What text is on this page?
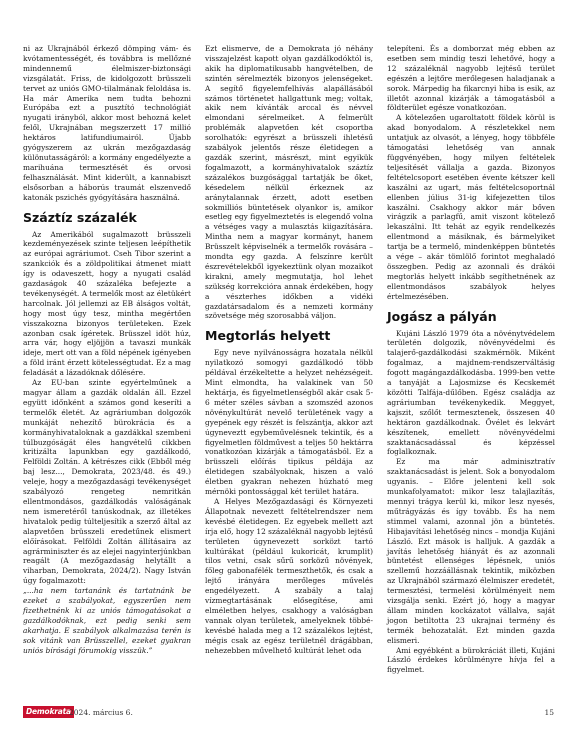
ni az Ukrajnából érkező dömping vám- és kvótamentességét, és továbbra is mellőzné mindennemű élelmiszer-biztonsági vizsgálatát. Friss, de kidolgozott brüsszeli tervet az uniós GMO-tilalmának feloldása is. Ha már Amerika nem tudta behozni Európába ezt a pusztító technológiát nyugati irányból, akkor most behozná kelet felől, Ukrajnában megszerzett 17 millió hektáros latifundiumairól. Újabb gyógyszerem az ukrán mezőgazdaság különutasságáról: a kormány engedélyezte a marihuána termesztését és orvosi felhasználását. Mint kiderült, a kannabiszt elsősorban a háborús traumát elszenvedő katonák pszichés gyógyítására használná.

Száztíz százalék

Az Amerikából sugalmazott brüsszeli kezdeményezések szinte teljesen leépíthetik az európai agráriumot. Cseh Tibor szerint a szankciók és a zöldpolitikai átmenet miatt így is odaveszett, hogy a nyugati család gazdaságok 40 százaléka befejezte a tevékenységét. A termelők most az életükért harcolnak. Jól jellemzi az EB álságos voltát, hogy most úgy tesz, mintha megértően visszakozna bizonyos területeken. Ezek azonban csak ígéretek. Brüsszel idöt húz, arra vár, hogy eljöjjön a tavaszi munkák ideje, mert ott van a föld népének igényeben a föld iránt érzett kötelességtudat. Ez a mag feladását a lázadóknak dőlésére.

Az EU-ban szinte egyértelműnek a magyar állam a gazdák oldalán áll. Ezzel együtt időnként a számos gond keseríti a termelők életét. Az agráriumban dolgozók munkáját nehezítő bürokrácia és a kormányhivataloknak a gazdákkal szembeni túlbuzgóságát éles hangvételű cikkben kritizálta lapunkban egy gazdálkodó, Felföldi Zoltán. A kétrészes cikk (Ebből még baj lesz..., Demokrata, 2023/48. és 49.) veleje, hogy a mezőgazdasági tevékenységet szabályozó rengeteg nemritkán ellentmondásos, gazdálkodás valóságának nem ismeretéről tanúskodnak, az illetékes hivatalok pedig túlteljesítik a szerző által az alapvetően brüsszeli eredetűnek elismert előírásokat. Felföldi Zoltán állításaira az agrárminiszter és az elejei nagyinterjúnkban reagált (A mezőgazdaság helytállt a viharban, Demokrata, 2024/2). Nagy István úgy fogalmazott:

„...ha nem tartanánk és tartatnánk be ezeket a szabályokat, egyszerűen nem fizethetnénk ki az uniós támogatásokat a gazdálkodóknak, ezt pedig senki sem akarhatja. E szabályok alkalmazása terén is sok vitánk van Brüsszellel, ezeket gyakran uniós bírósági fórumokig visszük.”

Ezt elismerve, de a Demokrata jó néhány visszajelzést kapott olyan gazdálkodóktól is, akik ha diplomatikusabb hangvételben, de szintén sérelmezték bizonyos jelenségeket. A segítő figyelemfelhívás alapállásából számos történetet hallgattunk meg; voltak, akik nem kívánták arccal és névvel elmondani sérelmeiket. A felmerült problémák alapvetően két csoportba sorolhatók: egyrészt a brüsszeli ihletésű szabályok jelentős része életidegen a gazdák szerint, másrészt, mint egyikük fogalmazott, a kormányhivatalok száztíz százalékos buzgósággal tartatják be őket, késedelem nélkül érkeznek az aránytalannak érzett, adott esetben sokmilliós büntetések olyankor is, amikor esetleg egy figyelmeztetés is elegendő volna a vétséges vagy a mulasztás kiigazítására. Mintha nem a magyar kormányt, hanem Brüsszelt képviselnék a termelők rovására – mondta egy gazda. A felszínre került észrevételekből igyekeztünk olyan mozaikot kirakni, amely megmutatja, hol lehet szükség korrekcióra annak érdekében, hogy a vészterhes időkben a vidéki gazdatársadalom és a nemzeti kormány szövetsége még szorosabbá váljon.

Megtorlás helyett

Egy neve nyilvánosságra hozatala nélkül nyilatkozó somogyi gazdálkodó több példával érzékeltette a helyzet nehézségeit. Mint elmondta, ha valakinek van 50 hektárja, és figyelmetlenségből akár csak 5-6 méter széles sávban a szomszéd azonos növénykultúrát nevelő területének vagy a gyepének egy részét is felszántja, akkor azt úgyneveztt egybeművelésnek tekintik, és a figyelmetlen földművest a teljes 50 hektárra vonatkozóan kizárják a támogatásból. Ez a brüsszeli előírás tipikus példája az életidegen szabályoknak, hiszen a való életben gyakran nehezen húzható meg mérnöki pontossággal két terület határa.

A Helyes Mezőgazdasági és Környezeti Állapotnak nevezett feltételrendszer nem kevésbé életidegen. Ez egyebek mellett azt írja elő, hogy 12 százaléknál nagyobb lejtésű területen úgynevezett sorközt tartó kultúrákat (például kukoricát, krumplit) tilos vetni, csak sűrű sorközű növények, főleg gabonafélék termeszthetők, és csak a lejtő irányára merőleges művelés engedélyezett. A szabály a talaj vízmegtartásának elősegítése, ami elméletben helyes, csakhogy a valóságban vannak olyan területek, amelyeknek többé-kevésbé halada meg a 12 százalékos lejtést, mégis csak az egész területnél drágábban, nehezebben művelhető kultúrát lehet oda

telepíteni. És a domborzat még ebben az esetben sem mindig teszi lehetővé, hogy a 12 százaléknál nagyobb lejtésű terület egészén a lejtőre merőlegesen haladjanak a sorok. Márpedig ha fikarcnyi hiba is esik, az illetőt azonnal kizárják a támogatásból a földterület egésze vonatkozóan.

A kötelezően ugaroltatott földek körül is akad bonyodalom. A részletekkel nem untatjuk az olvasót, a lényeg, hogy többféle támogatási lehetőség van annak függvényében, hogy milyen feltételek teljesítését vállalja a gazda. Bizonyos feltételcsoport esetében évente kétszer kell kaszálni az ugart, más feltételcsoportnál ellenben július 31-ig kifejezetten tilos kaszálni. Csakhogy akkor már bőven virágzik a parlagfű, amit viszont kötelező lekaszálni. Itt tehát az egyik rendelkezés ellentmond a másiknak, és bármelyiket tartja be a termelő, mindenképpen büntetés a vége – akár tömlölő forintot meghaladó összegben. Pedig az azonnali és drákói megtorlás helyett inkább segíthetnének az ellentmondásos szabályok helyes értelmezésében.

Jogász a pályán

Kujáni László 1979 óta a növénytvédelem területén dolgozik, növényvédelmi és talajerő-gazdálkodási szakmérnök. Miként fogalmaz, a majdnem-rendszerváltásig fogott magángazdálkodásba. 1999-ben vette a tanyáját a Lajosmizse és Kecskemét közötti Talfája-dűlőben. Egész családja az agráriumban tevékenykedik. Meggyet, kajszit, szőlőt termesztenek, összesen 40 hektáron gazdálkodnak. Ővélet és lekvárt készítenek, emellett növényvédelmi szaktanácsadással és képzéssel foglalkoznak.

Ez ma már adminisztratív szaktanácsadást is jelent. Sok a bonyodalom ugyanis. – Előre jelenteni kell sok munkafolyamatot: mikor lesz talajlazítás, mennyi trágya kerül ki, mikor lesz nyesés, műtrágyázás és így tovább. És ha nem stimmel valami, azonnal jön a büntetés. Hibajavítási lehetőség nincs – mondja Kujáni László. Ezt mások is halljuk. A gazdák a javítás lehetőség hiányát és az azonnali büntetést ellenséges lépésnek, uniós szellemű hozzáállásnak tekintik, miközben az Ukrajnából származó élelmiszer eredetét, termesztési, termelési körülményeit nem vizsgálja senki. Ezért jó, hogy a magyar állam minden kockázatot vállalva, saját jogon betiltotta 23 ukrajnai termény és termék behozatalát. Ezt minden gazda elismeri.

Ami egyébként a bürokráciát illeti, Kujáni László érdekes körülményre hívja fel a figyelmet.

Demokrata
2024. március 6.	15
